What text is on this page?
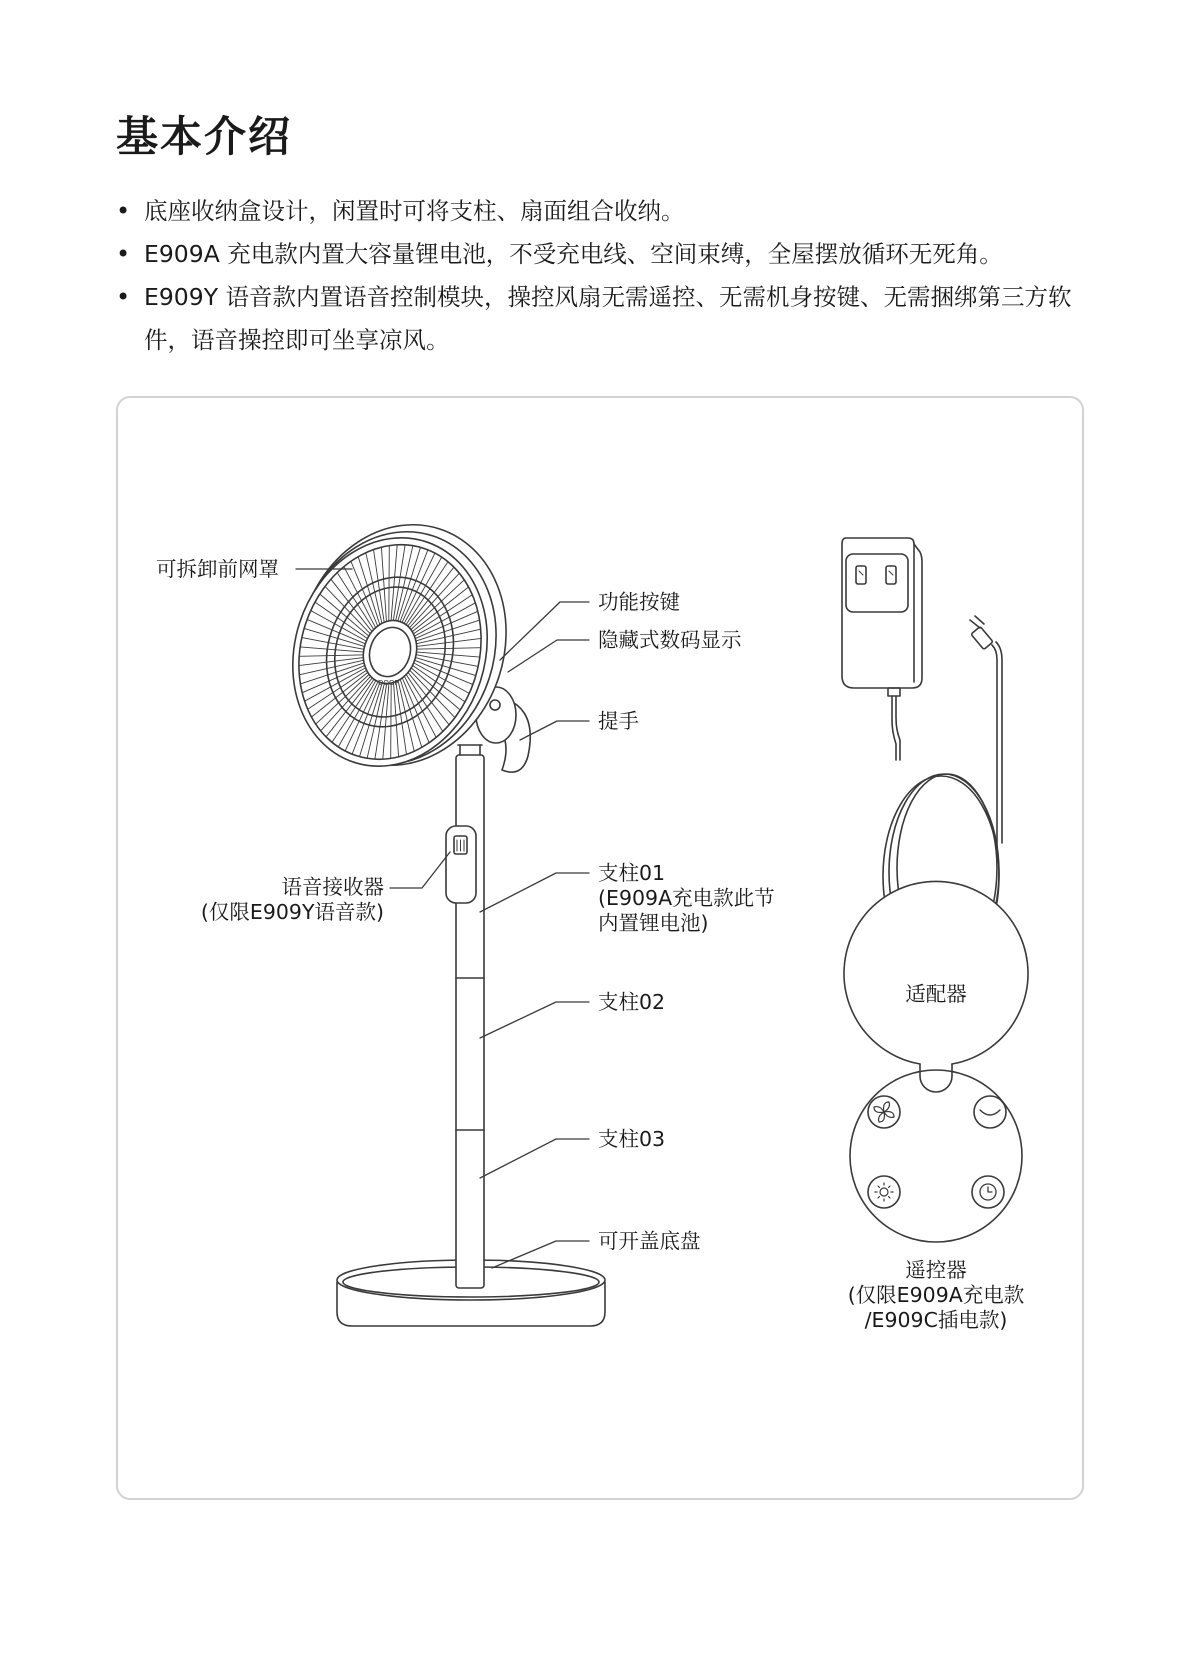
基本介绍
• 底座收纳盒设计，闲置时可将支柱、扇面组合收纳。
• E909A 充电款内置大容量锂电池，不受充电线、空间束缚，全屋摆放循环无死角。
• E909Y 语音款内置语音控制模块，操控风扇无需遥控、无需机身按键、无需捆绑第三方软件，语音操控即可坐享凉风。
DOOP
可拆卸前网罩
功能按键
隐藏式数码显示
提手
语音接收器
(仅限E909Y语音款)
支柱01
(E909A充电款此节
内置锂电池)
支柱02
支柱03
可开盖底盘
适配器
遥控器
(仅限E909A充电款
/E909C插电款)
